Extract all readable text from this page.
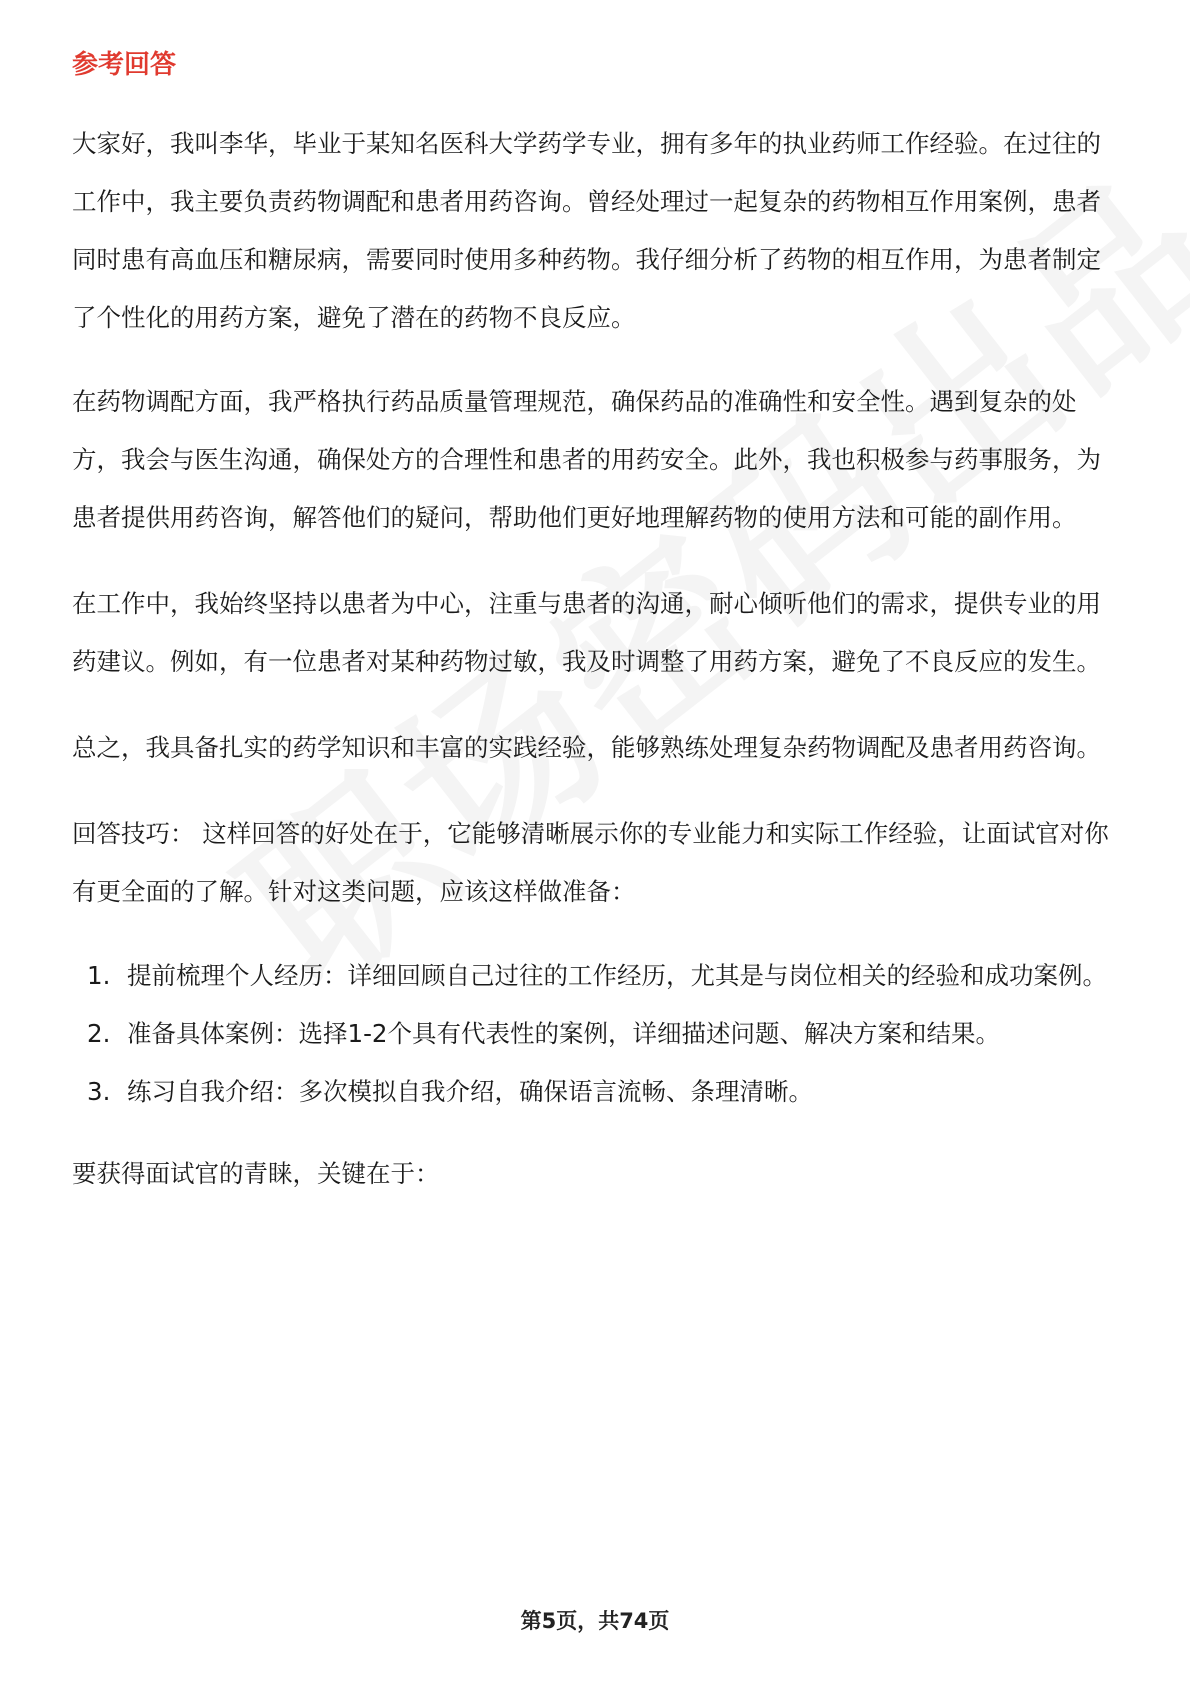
参考回答

大家好，我叫李华，毕业于某知名医科大学药学专业，拥有多年的执业药师工作经验。在过往的工作中，我主要负责药物调配和患者用药咨询。曾经处理过一起复杂的药物相互作用案例，患者同时患有高血压和糖尿病，需要同时使用多种药物。我仔细分析了药物的相互作用，为患者制定了个性化的用药方案，避免了潜在的药物不良反应。

在药物调配方面，我严格执行药品质量管理规范，确保药品的准确性和安全性。遇到复杂的处方，我会与医生沟通，确保处方的合理性和患者的用药安全。此外，我也积极参与药事服务，为患者提供用药咨询，解答他们的疑问，帮助他们更好地理解药物的使用方法和可能的副作用。

在工作中，我始终坚持以患者为中心，注重与患者的沟通，耐心倾听他们的需求，提供专业的用药建议。例如，有一位患者对某种药物过敏，我及时调整了用药方案，避免了不良反应的发生。

总之，我具备扎实的药学知识和丰富的实践经验，能够熟练处理复杂药物调配及患者用药咨询。

回答技巧： 这样回答的好处在于，它能够清晰展示你的专业能力和实际工作经验，让面试官对你有更全面的了解。针对这类问题，应该这样做准备：

1. 提前梳理个人经历：详细回顾自己过往的工作经历，尤其是与岗位相关的经验和成功案例。
2. 准备具体案例：选择1-2个具有代表性的案例，详细描述问题、解决方案和结果。
3. 练习自我介绍：多次模拟自我介绍，确保语言流畅、条理清晰。

要获得面试官的青睐，关键在于：

第5页，共74页
